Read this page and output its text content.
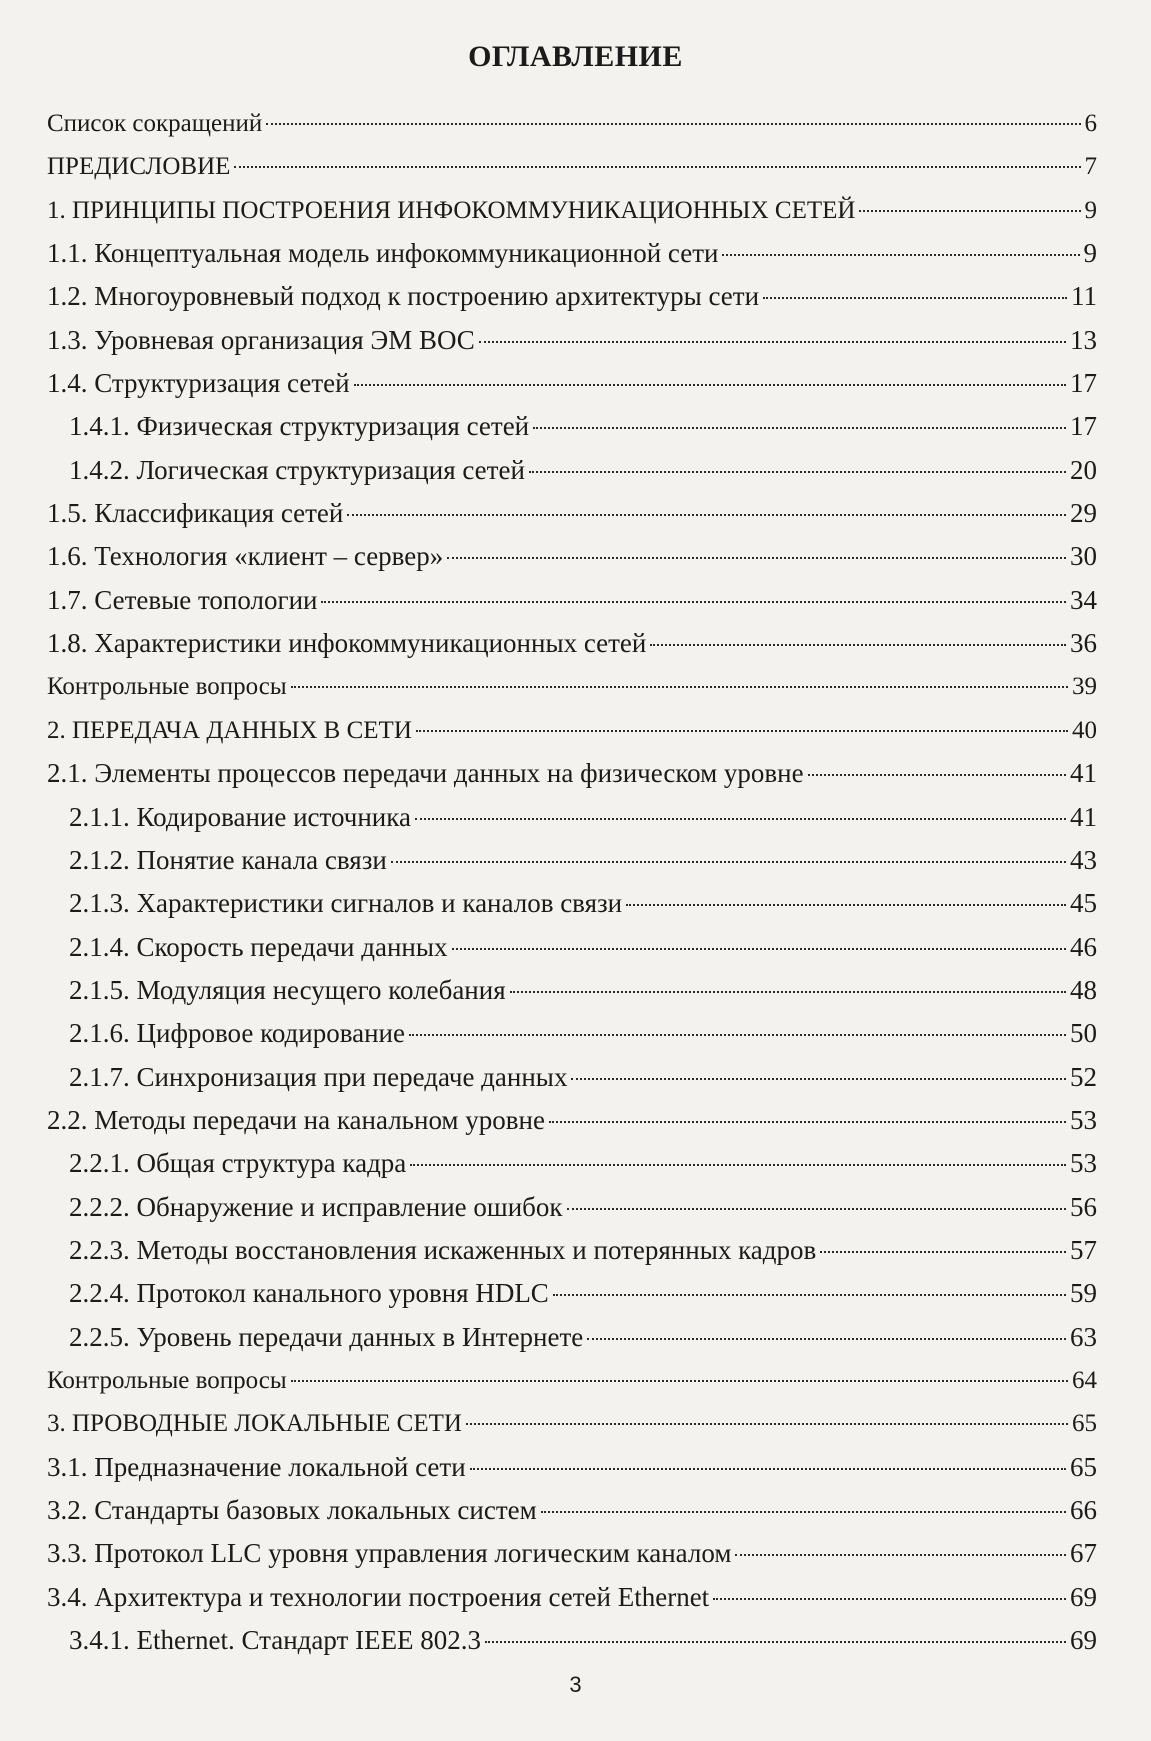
ОГЛАВЛЕНИЕ
Список сокращений	6
ПРЕДИСЛОВИЕ	7
1. ПРИНЦИПЫ ПОСТРОЕНИЯ ИНФОКОММУНИКАЦИОННЫХ СЕТЕЙ	9
1.1. Концептуальная модель инфокоммуникационной сети	9
1.2. Многоуровневый подход к построению архитектуры сети	11
1.3. Уровневая организация ЭМ ВОС	13
1.4. Структуризация сетей	17
1.4.1. Физическая структуризация сетей	17
1.4.2. Логическая структуризация сетей	20
1.5. Классификация сетей	29
1.6. Технология «клиент – сервер»	30
1.7. Сетевые топологии	34
1.8. Характеристики инфокоммуникационных сетей	36
Контрольные вопросы	39
2. ПЕРЕДАЧА ДАННЫХ В СЕТИ	40
2.1. Элементы процессов передачи данных на физическом уровне	41
2.1.1. Кодирование источника	41
2.1.2. Понятие канала связи	43
2.1.3. Характеристики сигналов и каналов связи	45
2.1.4. Скорость передачи данных	46
2.1.5. Модуляция несущего колебания	48
2.1.6. Цифровое кодирование	50
2.1.7. Синхронизация при передаче данных	52
2.2. Методы передачи на канальном уровне	53
2.2.1. Общая структура кадра	53
2.2.2. Обнаружение и исправление ошибок	56
2.2.3. Методы восстановления искаженных и потерянных кадров	57
2.2.4. Протокол канального уровня HDLC	59
2.2.5. Уровень передачи данных в Интернете	63
Контрольные вопросы	64
3. ПРОВОДНЫЕ ЛОКАЛЬНЫЕ СЕТИ	65
3.1. Предназначение локальной сети	65
3.2. Стандарты базовых локальных систем	66
3.3. Протокол LLC уровня управления логическим каналом	67
3.4. Архитектура и технологии построения сетей Ethernet	69
3.4.1. Ethernet. Стандарт IEEE 802.3	69
3
